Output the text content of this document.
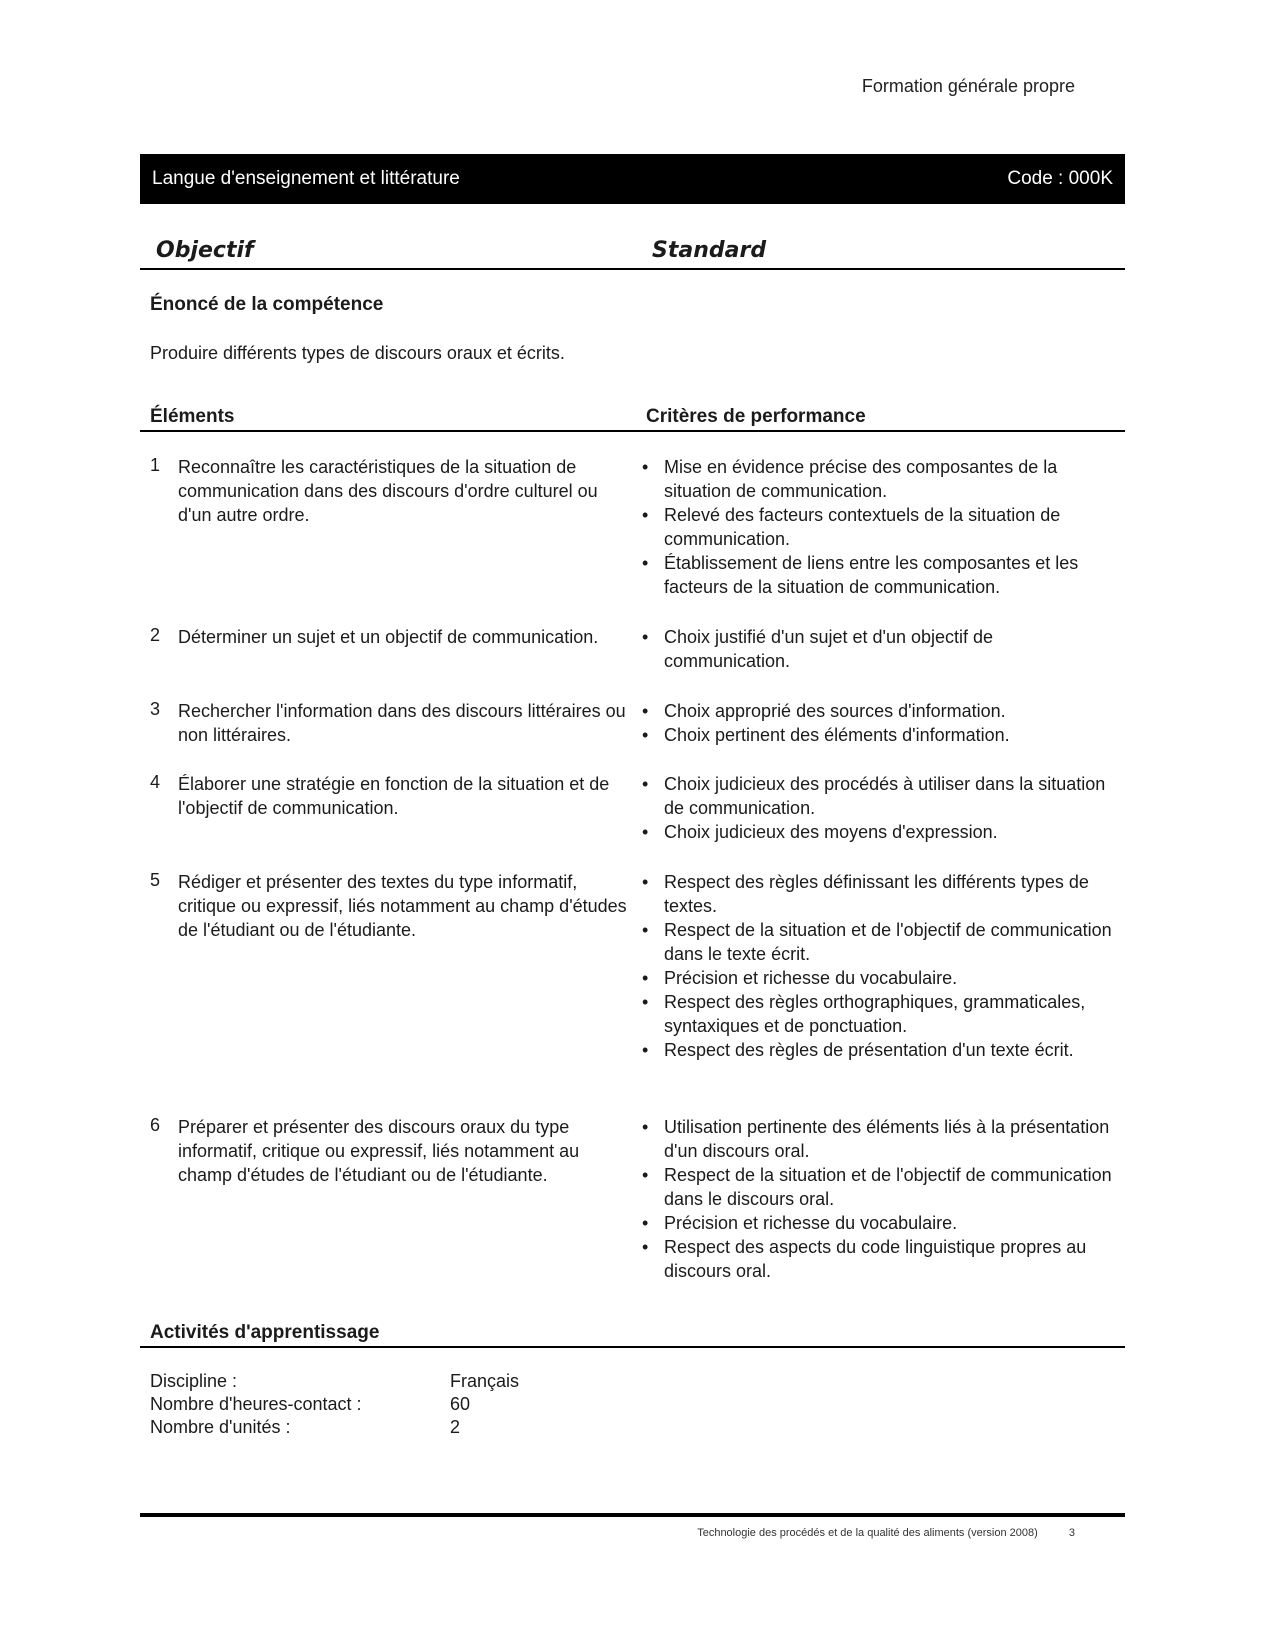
Formation générale propre
Langue d'enseignement et littérature	Code : 000K
Objectif	Standard
Énoncé de la compétence
Produire différents types de discours oraux et écrits.
Éléments	Critères de performance
1 Reconnaître les caractéristiques de la situation de communication dans des discours d'ordre culturel ou d'un autre ordre.
• Mise en évidence précise des composantes de la situation de communication.
• Relevé des facteurs contextuels de la situation de communication.
• Établissement de liens entre les composantes et les facteurs de la situation de communication.
2 Déterminer un sujet et un objectif de communication.	• Choix justifié d'un sujet et d'un objectif de communication.
3 Rechercher l'information dans des discours littéraires ou non littéraires.
• Choix approprié des sources d'information.
• Choix pertinent des éléments d'information.
4 Élaborer une stratégie en fonction de la situation et de l'objectif de communication.
• Choix judicieux des procédés à utiliser dans la situation de communication.
• Choix judicieux des moyens d'expression.
5 Rédiger et présenter des textes du type informatif, critique ou expressif, liés notamment au champ d'études de l'étudiant ou de l'étudiante.
• Respect des règles définissant les différents types de textes.
• Respect de la situation et de l'objectif de communication dans le texte écrit.
• Précision et richesse du vocabulaire.
• Respect des règles orthographiques, grammaticales, syntaxiques et de ponctuation.
• Respect des règles de présentation d'un texte écrit.
6 Préparer et présenter des discours oraux du type informatif, critique ou expressif, liés notamment au champ d'études de l'étudiant ou de l'étudiante.
• Utilisation pertinente des éléments liés à la présentation d'un discours oral.
• Respect de la situation et de l'objectif de communication dans le discours oral.
• Précision et richesse du vocabulaire.
• Respect des aspects du code linguistique propres au discours oral.
Activités d'apprentissage
Discipline :	Français
Nombre d'heures-contact :	60
Nombre d'unités :	2
Technologie des procédés et de la qualité des aliments (version 2008)	3
